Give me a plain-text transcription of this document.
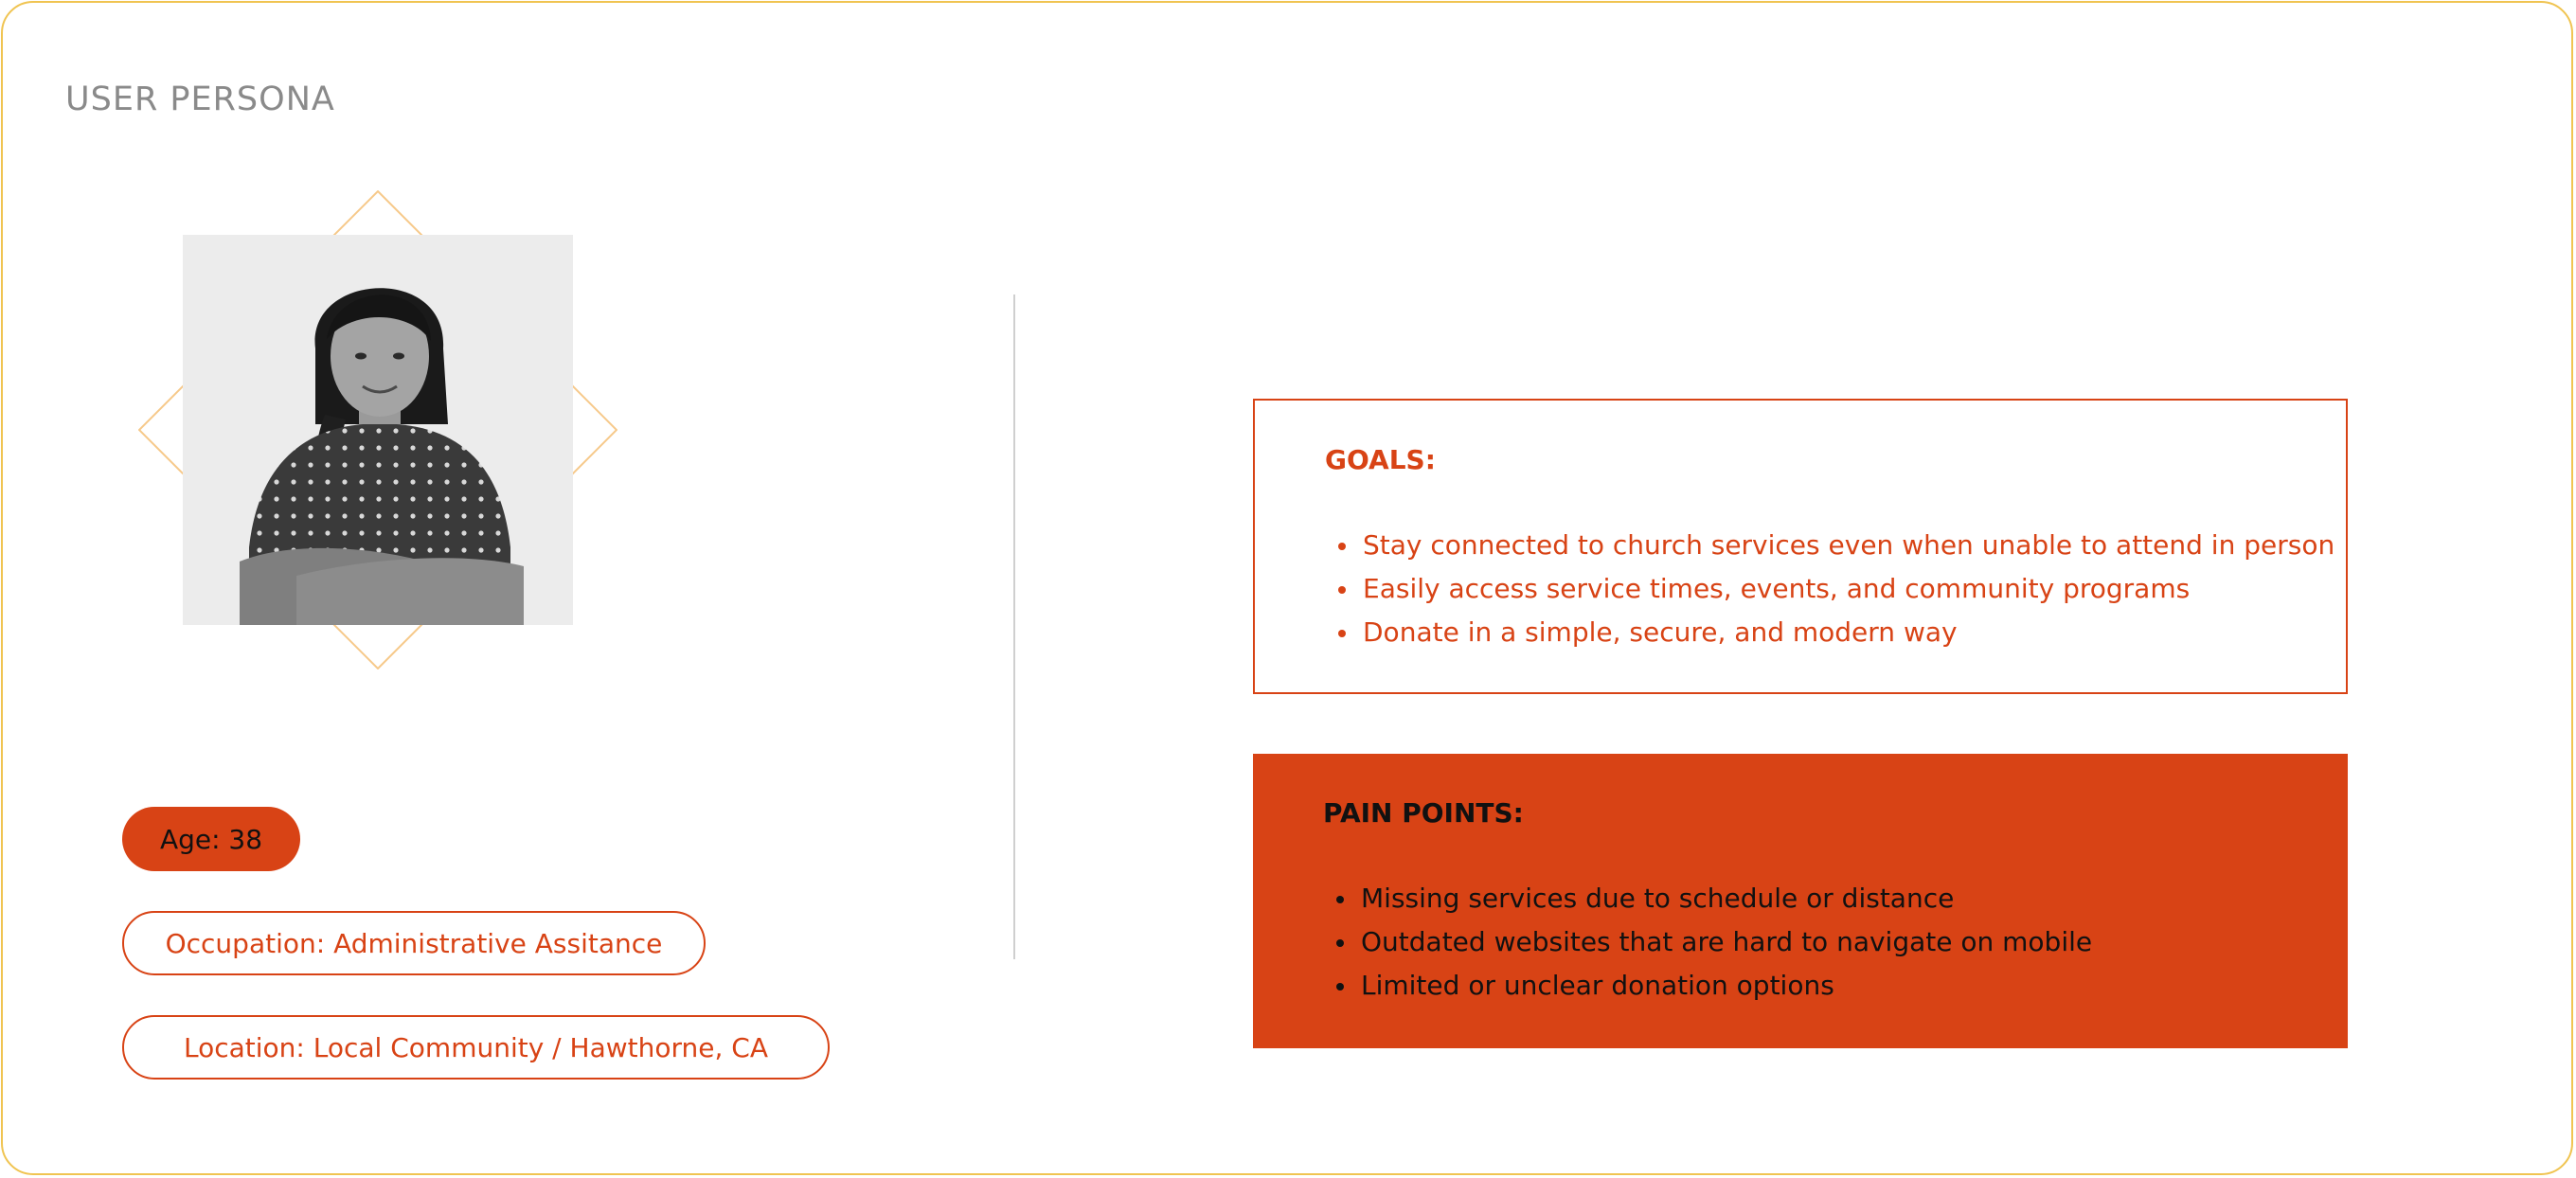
USER PERSONA
Age: 38
Occupation: Administrative Assitance
Location: Local Community / Hawthorne, CA
GOALS:
Stay connected to church services even when unable to attend in person
Easily access service times, events, and community programs
Donate in a simple, secure, and modern way
PAIN POINTS:
Missing services due to schedule or distance
Outdated websites that are hard to navigate on mobile
Limited or unclear donation options
